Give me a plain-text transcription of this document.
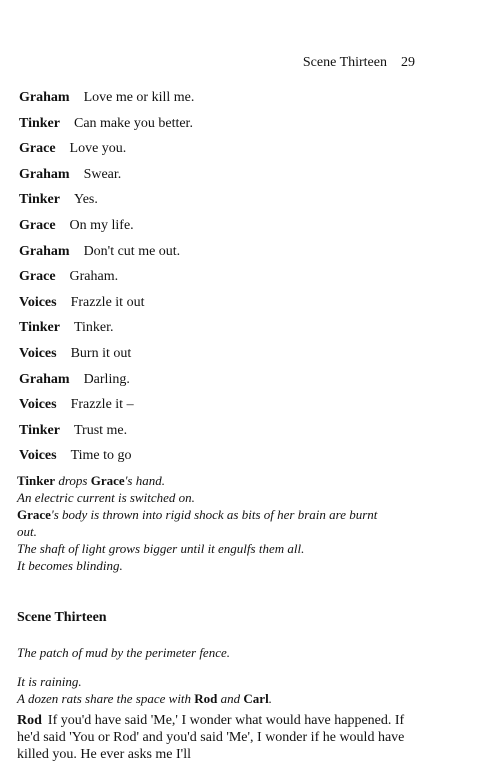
Scene Thirteen 29
Graham Love me or kill me.
Tinker Can make you better.
Grace Love you.
Graham Swear.
Tinker Yes.
Grace On my life.
Graham Don't cut me out.
Grace Graham.
Voices Frazzle it out
Tinker Tinker.
Voices Burn it out
Graham Darling.
Voices Frazzle it –
Tinker Trust me.
Voices Time to go
Tinker drops Grace's hand.
An electric current is switched on.
Grace's body is thrown into rigid shock as bits of her brain are burnt out.
The shaft of light grows bigger until it engulfs them all.
It becomes blinding.
Scene Thirteen
The patch of mud by the perimeter fence.
It is raining.
A dozen rats share the space with Rod and Carl.
Rod If you'd have said 'Me,' I wonder what would have happened. If he'd said 'You or Rod' and you'd said 'Me', I wonder if he would have killed you. He ever asks me I'll
